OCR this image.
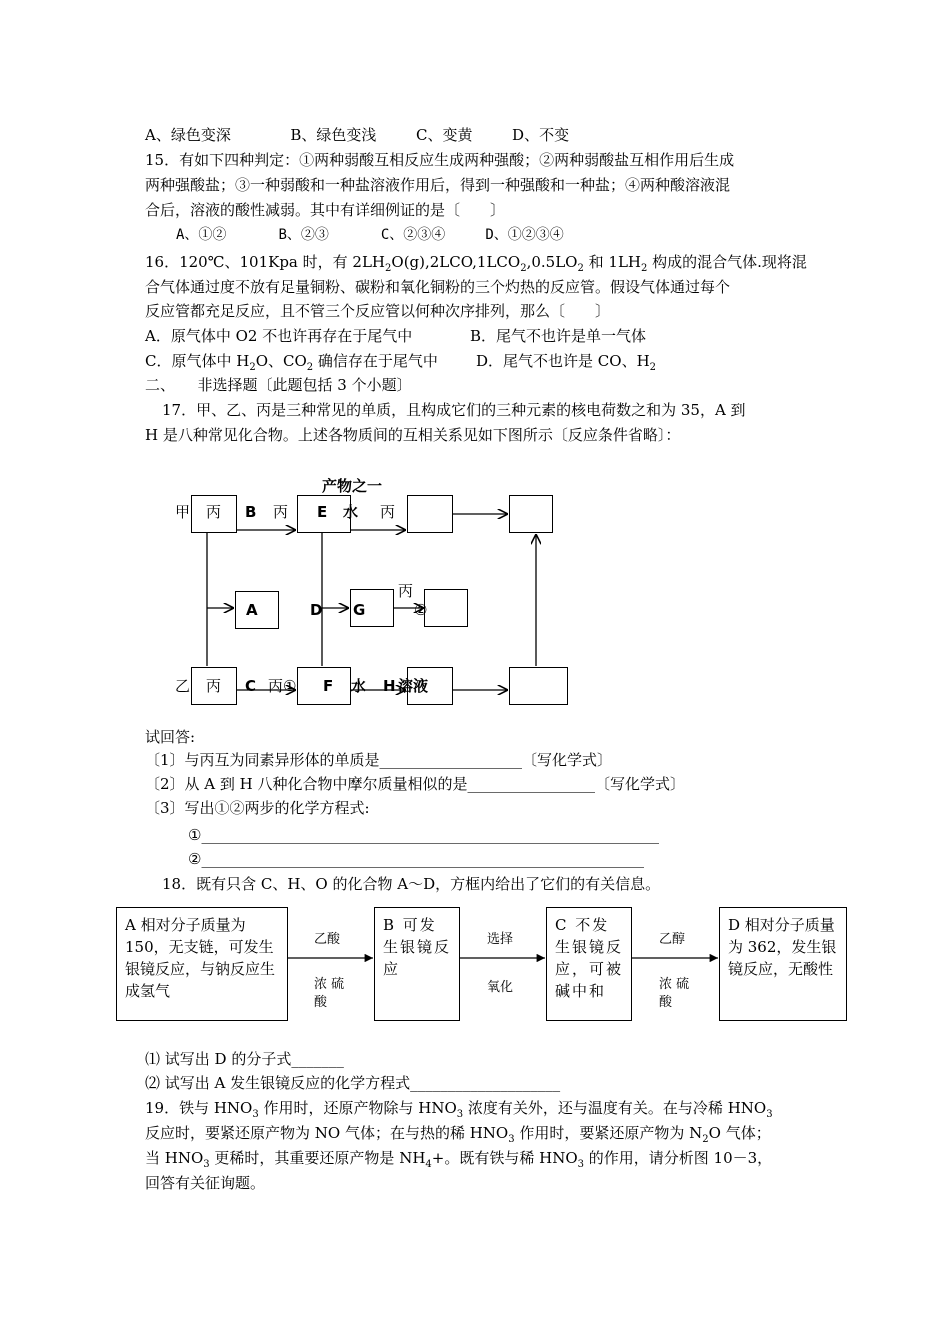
A、绿色变深	B、绿色变浅	C、变黄	D、不变
15．有如下四种判定：①两种弱酸互相反应生成两种强酸；②两种弱酸盐互相作用后生成
两种强酸盐；③一种弱酸和一种盐溶液作用后，得到一种强酸和一种盐；④两种酸溶液混
合后，溶液的酸性减弱。其中有详细例证的是〔　　〕
A、①②	B、②③	C、②③④	D、①②③④
16．120℃、101Kpa 时，有 $2LH_2O(g),2LCO,1LCO_2,0.5LO_2$ 和 $1LH_2$ 构成的混合气体.现将混
合气体通过度不放有足量铜粉、碳粉和氧化铜粉的三个灼热的反应管。假设气体通过每个
反应管都充足反应，且不管三个反应管以何种次序排列，那么〔　　〕
A．原气体中 O2 不也许再存在于尾气中	B．尾气不也许是单一气体
C．原气体中 $H_2O$、$CO_2$ 确信存在于尾气中	D．尾气不也许是 CO、$H_2$
二、　　非选择题〔此题包括 3 个小题〕
17．甲、乙、丙是三种常见的单质，且构成它们的三种元素的核电荷数之和为 35，A 到
H 是八种常见化合物。上述各物质间的互相关系见如下图所示〔反应条件省略〕：
产物之一
甲 丙 B 丙 E 水 丙
A	D G
丙
②
乙 丙 C 丙① F 水 H 溶液
试回答:
〔1〕与丙互为同素异形体的单质是___________________〔写化学式〕
〔2〕从 A 到 H 八种化合物中摩尔质量相似的是_________________〔写化学式〕
〔3〕写出①②两步的化学方程式:
①_____________________________________________________________
②___________________________________________________________
18．既有只含 C、H、O 的化合物 A～D，方框内给出了它们的有关信息。
A 相对分子质量为 150，无支链，可发生银镜反应，与钠反应生成氢气
B 可发生银镜反应
C 不发生银镜反应，可被碱中和
D 相对分子质量为 362，发生银镜反应，无酸性
乙酸
浓 硫 酸
选择
氧化
乙醇
浓 硫 酸
⑴ 试写出 D 的分子式_______
⑵ 试写出 A 发生银镜反应的化学方程式____________________
19．铁与 $HNO_3$ 作用时，还原产物除与 $HNO_3$ 浓度有关外，还与温度有关。在与冷稀 $HNO_3$
反应时，要紧还原产物为 NO 气体；在与热的稀 $HNO_3$ 作用时，要紧还原产物为 $N_2O$ 气体；
当 $HNO_3$ 更稀时，其重要还原产物是 $NH_4+$。既有铁与稀 $HNO_3$ 的作用，请分析图 10－3，
回答有关征询题。
